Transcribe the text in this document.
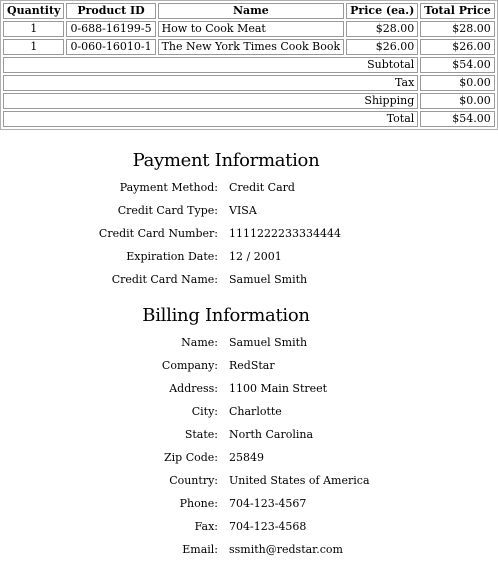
Quantity	Product ID	Name	Price (ea.)	Total Price
1	0-688-16199-5	How to Cook Meat	$28.00	$28.00
1	0-060-16010-1	The New York Times Cook Book	$26.00	$26.00
Subtotal				$54.00
Tax				$0.00
Shipping				$0.00
Total				$54.00
Payment Information
Payment Method: Credit Card
Credit Card Type: VISA
Credit Card Number: 1111222233334444
Expiration Date: 12 / 2001
Credit Card Name: Samuel Smith
Billing Information
Name: Samuel Smith
Company: RedStar
Address: 1100 Main Street
City: Charlotte
State: North Carolina
Zip Code: 25849
Country: United States of America
Phone: 704-123-4567
Fax: 704-123-4568
Email: ssmith@redstar.com
